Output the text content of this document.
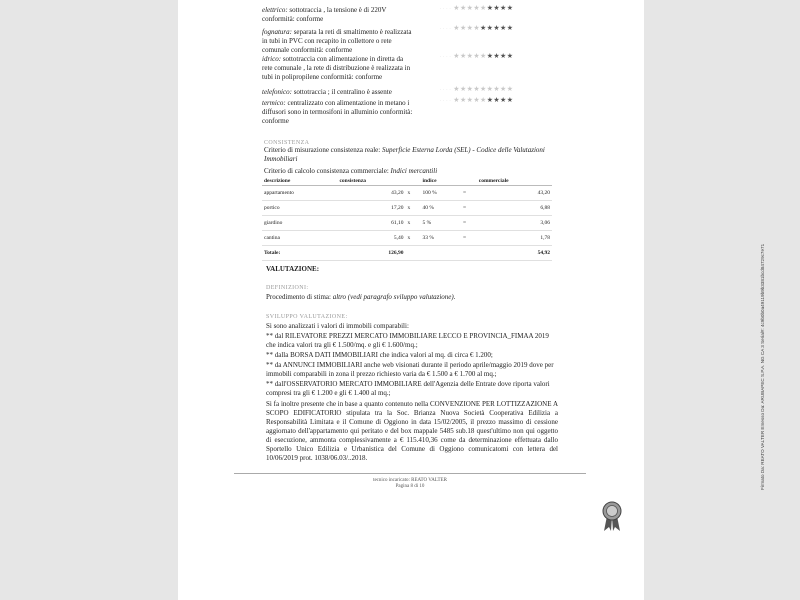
elettrico: sottotraccia , la tensione è di 220V conformità: conforme
fognatura: separata la reti di smaltimento è realizzata in tubi in PVC con recapito in collettore o rete comunale conformità: conforme
idrico: sottotraccia con alimentazione in diretta da rete comunale , la rete di distribuzione è realizzata in tubi in polipropilene conformità: conforme
telefonico: sottotraccia ; il centralino è assente
termico: centralizzato con alimentazione in metano i diffusori sono in termosifoni in alluminio conformità: conforme
· · · · ★★★★★★★★★
· · · · ★★★★★★★★★
· · · · ★★★★★★★★★
· · · · ★★★★★★★★★
· · · · ★★★★★★★★★
CONSISTENZA
Criterio di misurazione consistenza reale: Superficie Esterna Lorda (SEL) - Codice delle Valutazioni Immobiliari
Criterio di calcolo consistenza commerciale: Indici mercantili
descrizione	consistenza		indice		commerciale
appartamento	43,20	x	100 %	=	43,20
portico	17,20	x	40 %	=	6,88
giardino	61,10	x	5 %	=	3,06
cantina	5,40	x	33 %	=	1,78
Totale:	126,90				54,92
VALUTAZIONE:
DEFINIZIONI:
Procedimento di stima: altro (vedi paragrafo sviluppo valutazione).
SVILUPPO VALUTAZIONE:
Si sono analizzati i valori di immobili comparabili:
** dal RILEVATORE PREZZI MERCATO IMMOBILIARE LECCO E PROVINCIA_FIMAA 2019 che indica valori tra gli € 1.500/mq. e gli € 1.600/mq.;
** dalla BORSA DATI IMMOBILIARI che indica valori al mq. di circa € 1.200;
** da ANNUNCI IMMOBILIARI anche web visionati durante il periodo aprile/maggio 2019 dove per immobili comparabili in zona il prezzo richiesto varia da € 1.500 a € 1.700 al mq.;
** dall'OSSERVATORIO MERCATO IMMOBILIARE dell'Agenzia delle Entrate dove riporta valori compresi tra gli € 1.200 e gli € 1.400 al mq.;
Si fa inoltre presente che in base a quanto contenuto nella CONVENZIONE PER LOTTIZZAZIONE A SCOPO EDIFICATORIO stipulata tra la Soc. Brianza Nuova Società Cooperativa Edilizia a Responsabilità Limitata e il Comune di Oggiono in data 15/02/2005, il prezzo massimo di cessione aggiornato dell'appartamento qui peritato e del box mappale 5485 sub.18 quest'ultimo non qui oggetto di esecuzione, ammonta complessivamente a € 115.410,36 come da determinazione effettuata dallo Sportello Unico Edilizia e Urbanistica del Comune di Oggiono comunicatomi con lettera del 10/06/2019 prot. 1038/06.03/..2018.
tecnico incaricato: REATO VALTER
Pagina 8 di 10	Firmato Da: REATO VALTER Emesso Da: ARUBAPEC S.P.A. NG CA 3 Serial#: 4c9b0b0a49119b9b3381bcd84729c7e71
